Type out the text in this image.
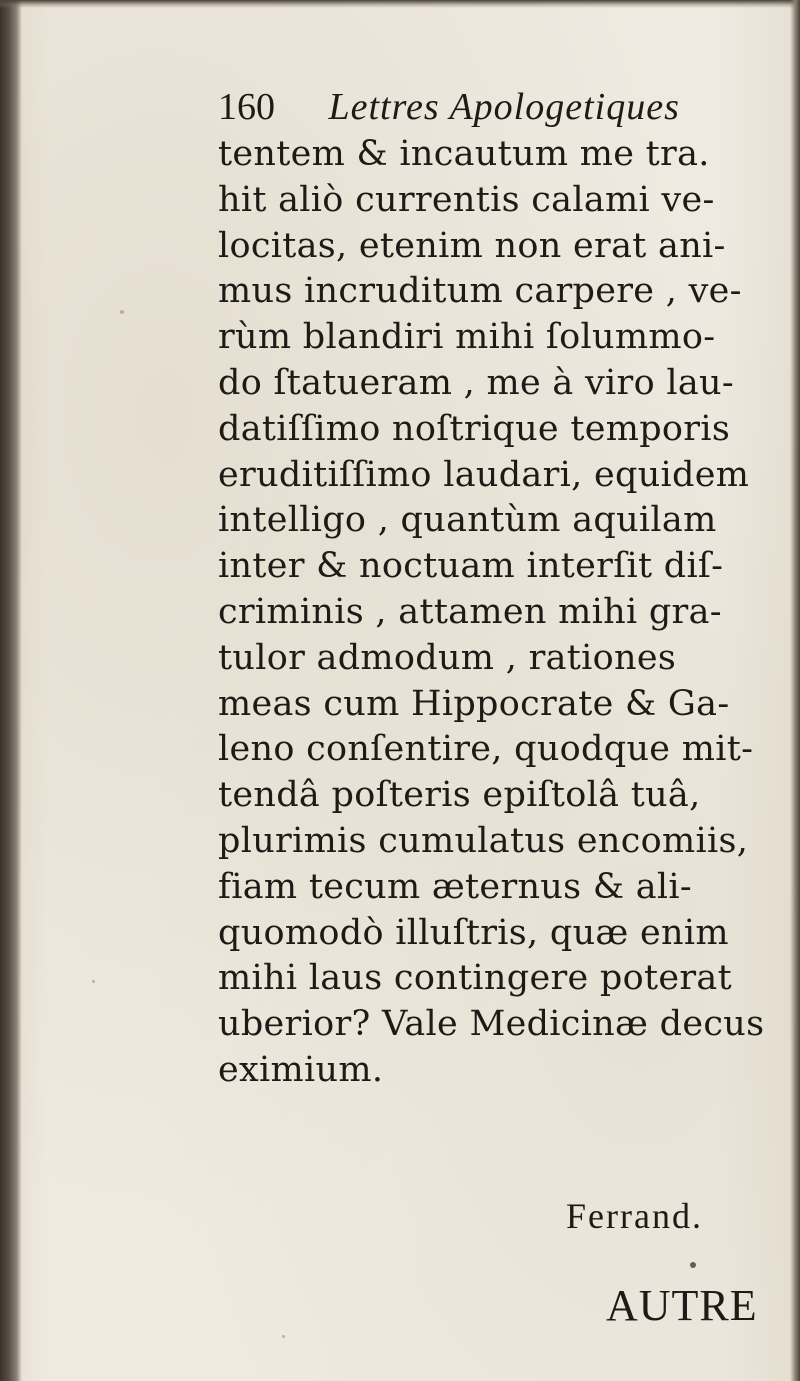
160 Lettres Apologetiques
tentem & incautum me tra.
hit aliò currentis calami ve-
locitas, etenim non erat ani-
mus incruditum carpere , ve-
rùm blandiri mihi ſolummo-
do ſtatueram , me à viro lau-
datiſſimo noſtrique temporis
eruditiſſimo laudari, equidem
intelligo , quantùm aquilam
inter & noctuam interſit diſ-
criminis , attamen mihi gra-
tulor admodum , rationes
meas cum Hippocrate & Ga-
leno conſentire, quodque mit-
tendâ poſteris epiſtolâ tuâ,
plurimis cumulatus encomiis,
fiam tecum æternus & ali-
quomodò illuſtris, quæ enim
mihi laus contingere poterat
uberior? Vale Medicinæ decus
eximium.
Ferrand.
AUTRE
